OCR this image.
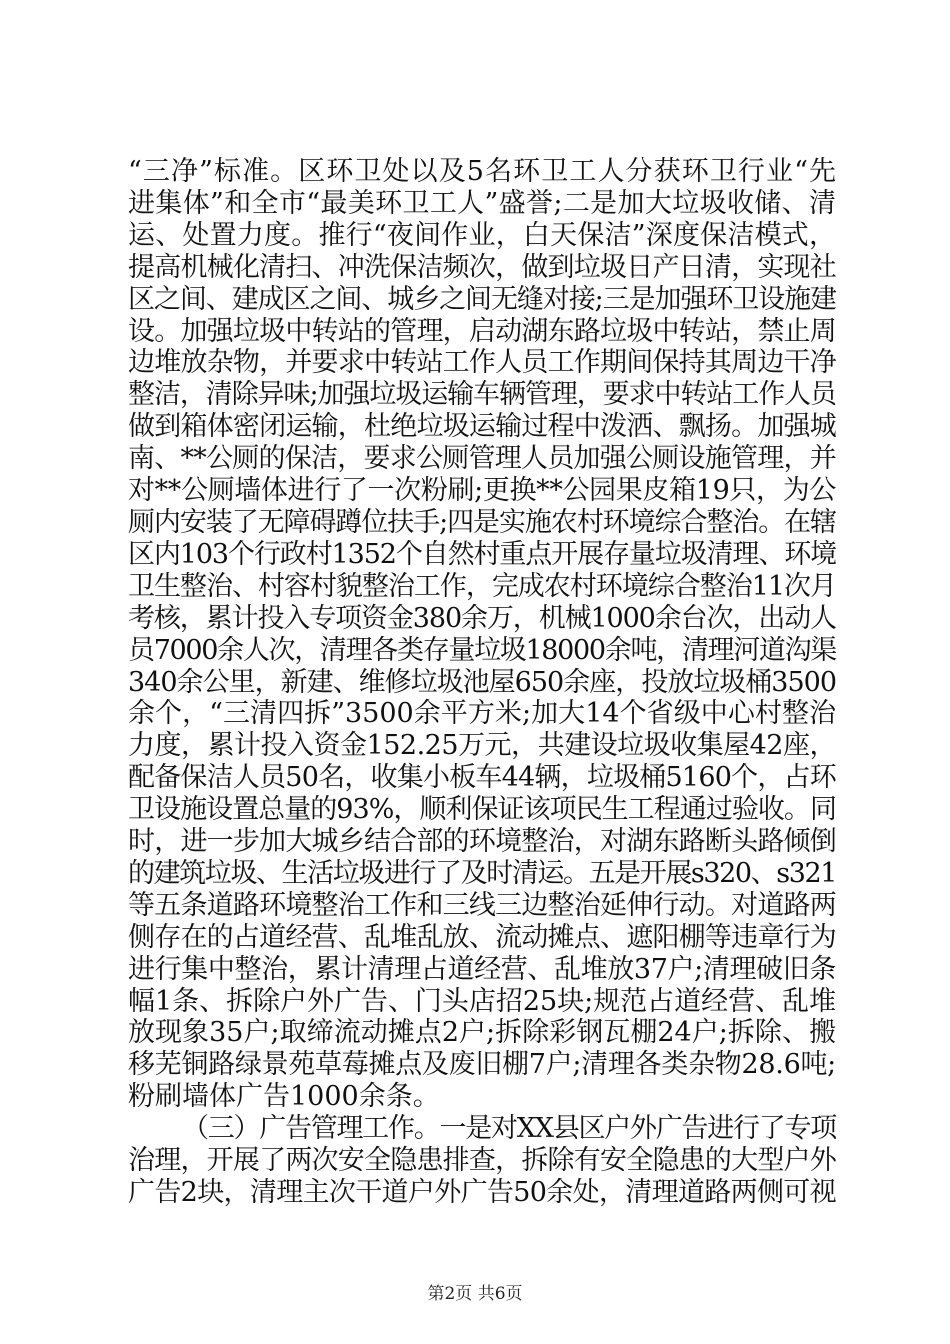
“三净”标准。区环卫处以及5名环卫工人分获环卫行业“先
进集体”和全市“最美环卫工人”盛誉;二是加大垃圾收储、清
运、处置力度。推行“夜间作业，白天保洁”深度保洁模式，
提高机械化清扫、冲洗保洁频次，做到垃圾日产日清，实现社
区之间、建成区之间、城乡之间无缝对接;三是加强环卫设施建
设。加强垃圾中转站的管理，启动湖东路垃圾中转站，禁止周
边堆放杂物，并要求中转站工作人员工作期间保持其周边干净
整洁，清除异味;加强垃圾运输车辆管理，要求中转站工作人员
做到箱体密闭运输，杜绝垃圾运输过程中泼洒、飘扬。加强城
南、**公厕的保洁，要求公厕管理人员加强公厕设施管理，并
对**公厕墙体进行了一次粉刷;更换**公园果皮箱19只，为公
厕内安装了无障碍蹲位扶手;四是实施农村环境综合整治。在辖
区内103个行政村1352个自然村重点开展存量垃圾清理、环境
卫生整治、村容村貌整治工作，完成农村环境综合整治11次月
考核，累计投入专项资金380余万，机械1000余台次，出动人
员7000余人次，清理各类存量垃圾18000余吨，清理河道沟渠
340余公里，新建、维修垃圾池屋650余座，投放垃圾桶3500
余个，“三清四拆”3500余平方米;加大14个省级中心村整治
力度，累计投入资金152.25万元，共建设垃圾收集屋42座，
配备保洁人员50名，收集小板车44辆，垃圾桶5160个，占环
卫设施设置总量的93%，顺利保证该项民生工程通过验收。同
时，进一步加大城乡结合部的环境整治，对湖东路断头路倾倒
的建筑垃圾、生活垃圾进行了及时清运。五是开展s320、s321
等五条道路环境整治工作和三线三边整治延伸行动。对道路两
侧存在的占道经营、乱堆乱放、流动摊点、遮阳棚等违章行为
进行集中整治，累计清理占道经营、乱堆放37户;清理破旧条
幅1条、拆除户外广告、门头店招25块;规范占道经营、乱堆
放现象35户;取缔流动摊点2户;拆除彩钢瓦棚24户;拆除、搬
移芜铜路绿景苑草莓摊点及废旧棚7户;清理各类杂物28.6吨;
粉刷墙体广告1000余条。
（三）广告管理工作。一是对XX县区户外广告进行了专项
治理，开展了两次安全隐患排查，拆除有安全隐患的大型户外
广告2块，清理主次干道户外广告50余处，清理道路两侧可视
第2页 共6页
